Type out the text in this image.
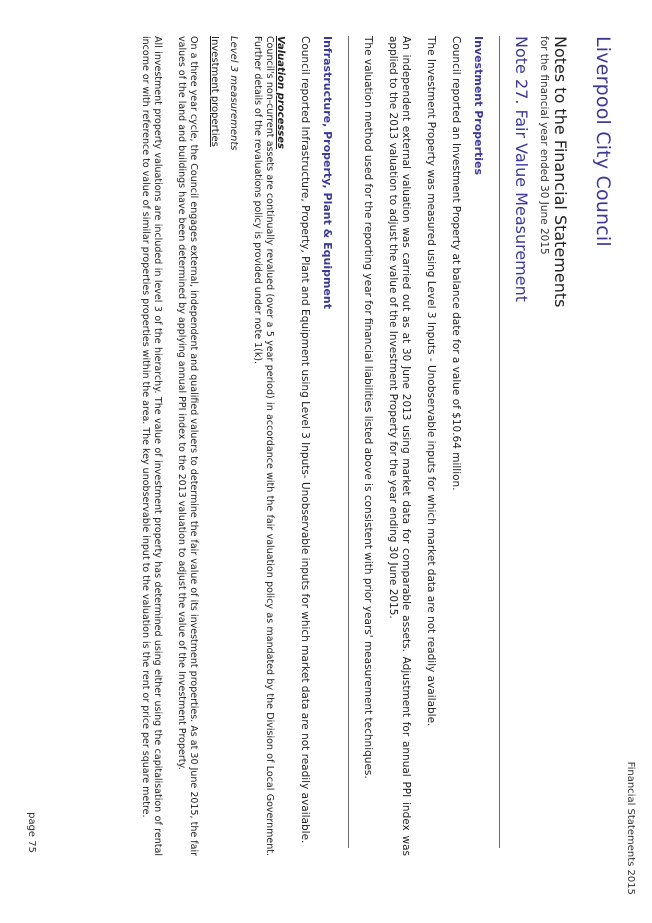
Financial Statements 2015
Liverpool City Council
Notes to the Financial Statements
for the financial year ended 30 June 2015
Note 27. Fair Value Measurement
Investment Properties

Council reported an Investment Property at balance date for a value of $10.64 million.

The Investment Property was measured using Level 3 Inputs - Unobservable inputs for which market data are not readily available.

An independent external valuation was carried out as at 30 June 2013 using market data for comparable assets. Adjustment for annual PPI index was applied to the 2013 valuation to adjust the value of the Investment Property for the year ending 30 June 2015.

The valuation method used for the reporting year for financial liabilities listed above is consistent with prior years' measurement techniques.

Infrastructure, Property, Plant & Equipment

Council reported Infrastructure, Property, Plant and Equipment using Level 3 Inputs- Unobservable inputs for which market data are not readily available.

Valuation processes

Council's non-current assets are continually revalued (over a 5 year period) in accordance with the fair valuation policy as mandated by the Division of Local Government. Further details of the revaluations policy is provided under note 1(k).

Level 3 measurements
Investment properties

On a three year cycle, the Council engages external, independent and qualified valuers to determine the fair value of its investment properties. As at 30 June 2015, the fair values of the land and buildings have been determined by applying annual PPI index to the 2013 valuation to adjust the value of the Investment Property.

All investment property valuations are included in level 3 of the hierarchy. The value of investment property has determined using either using the capitalisation of rental income or with reference to value of similar properties properties within the area. The key unobservable input to the valuation is the rent or price per square metre.

page 75
